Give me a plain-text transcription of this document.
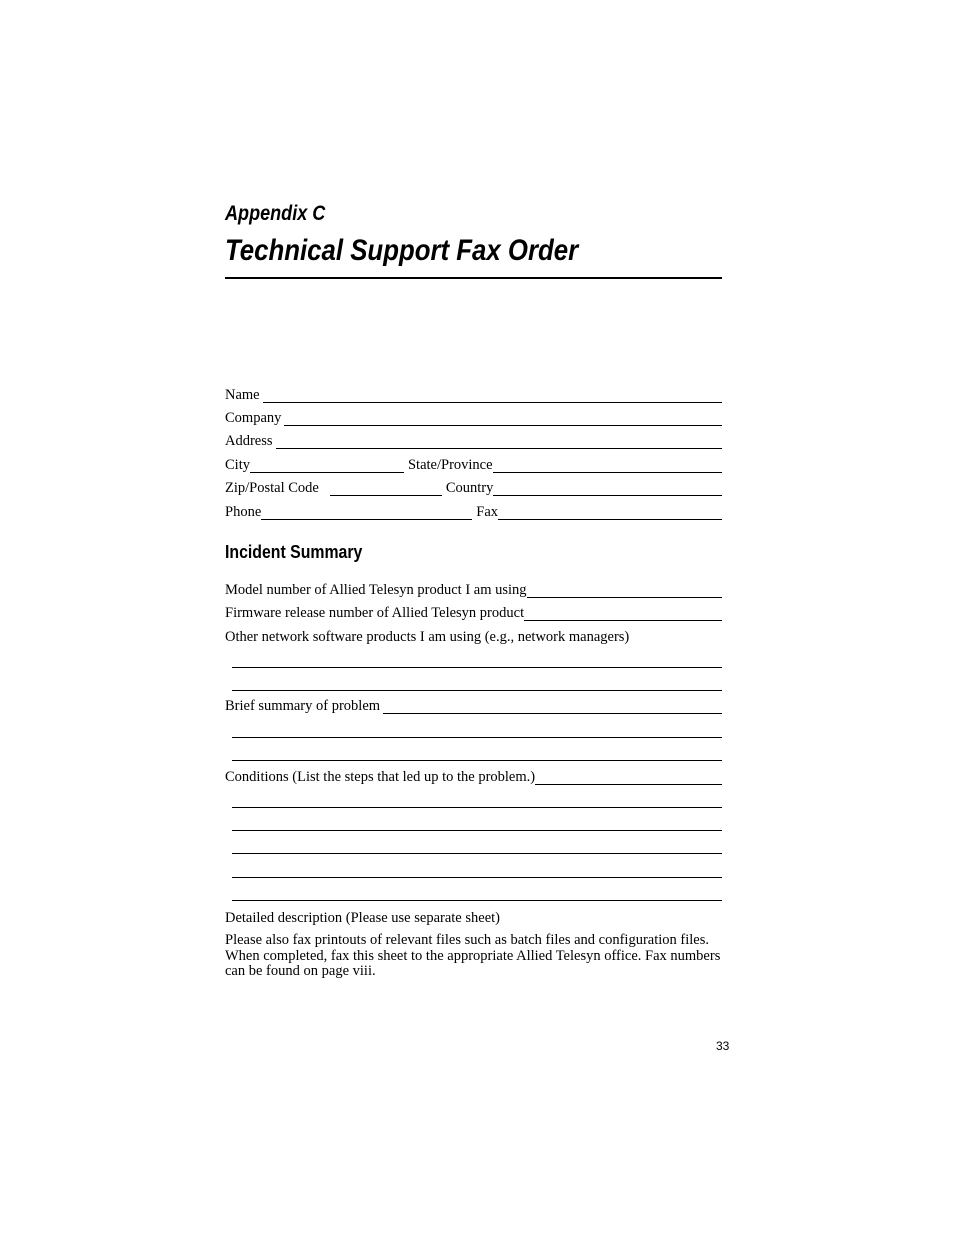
Appendix C
Technical Support Fax Order
Name
Company
Address
City	State/Province
Zip/Postal Code	Country
Phone	Fax
Incident Summary
Model number of Allied Telesyn product I am using
Firmware release number of Allied Telesyn product
Other network software products I am using (e.g., network managers)
Brief summary of problem
Conditions (List the steps that led up to the problem.)
Detailed description (Please use separate sheet)
Please also fax printouts of relevant files such as batch files and configuration files. When completed, fax this sheet to the appropriate Allied Telesyn office. Fax numbers can be found on page viii.
33
